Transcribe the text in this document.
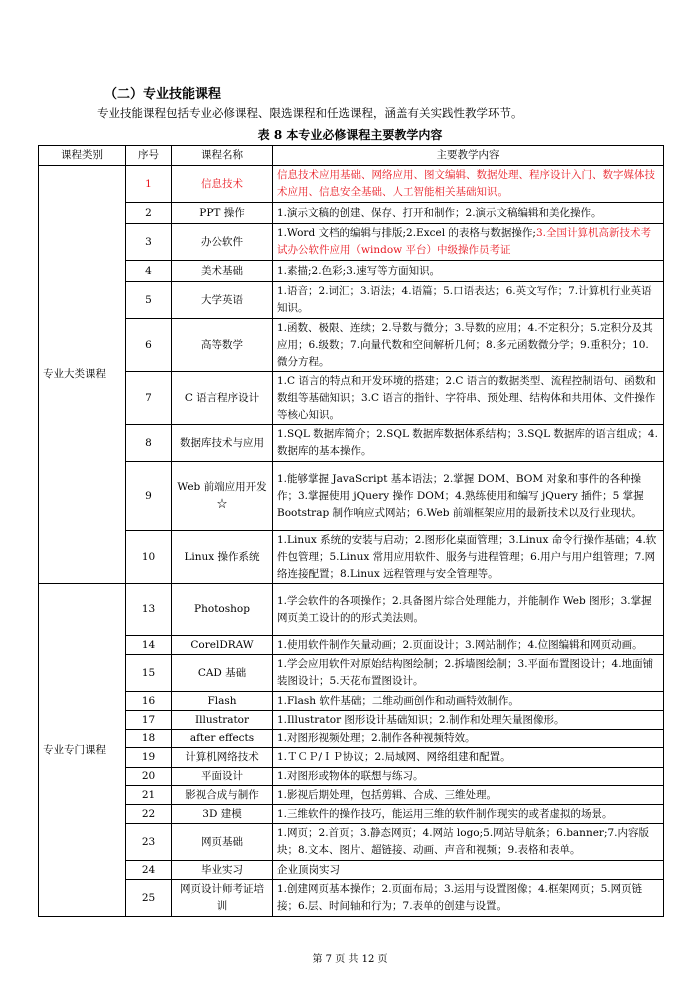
（二）专业技能课程
专业技能课程包括专业必修课程、限选课程和任选课程，涵盖有关实践性教学环节。
表 8 本专业必修课程主要教学内容
课程类别	序号	课程名称	主要教学内容
专业大类课程	1	信息技术	信息技术应用基础、网络应用、图文编辑、数据处理、程序设计入门、数字媒体技术应用、信息安全基础、人工智能相关基础知识。
	2	PPT 操作	1.演示文稿的创建、保存、打开和制作；2.演示文稿编辑和美化操作。
	3	办公软件	1.Word 文档的编辑与排版;2.Excel 的表格与数据操作;3.全国计算机高新技术考试办公软件应用（window 平台）中级操作员考证
	4	美术基础	1.素描;2.色彩;3.速写等方面知识。
	5	大学英语	1.语音；2.词汇；3.语法；4.语篇；5.口语表达；6.英文写作；7.计算机行业英语知识。
	6	高等数学	1.函数、极限、连续；2.导数与微分；3.导数的应用；4.不定积分；5.定积分及其应用；6.级数；7.向量代数和空间解析几何；8.多元函数微分学；9.重积分；10.微分方程。
	7	C 语言程序设计	1.C 语言的特点和开发环境的搭建；2.C 语言的数据类型、流程控制语句、函数和数组等基础知识；3.C 语言的指针、字符串、预处理、结构体和共用体、文件操作等核心知识。
	8	数据库技术与应用	1.SQL 数据库简介；2.SQL 数据库数据体系结构；3.SQL 数据库的语言组成；4.数据库的基本操作。
	9	Web 前端应用开发☆	1.能够掌握 JavaScript 基本语法；2.掌握 DOM、BOM 对象和事件的各种操作；3.掌握使用 jQuery 操作 DOM；4.熟练使用和编写 jQuery 插件；5 掌握 Bootstrap 制作响应式网站；6.Web 前端框架应用的最新技术以及行业现状。
	10	Linux 操作系统	1.Linux 系统的安装与启动；2.图形化桌面管理；3.Linux 命令行操作基础；4.软件包管理；5.Linux 常用应用软件、服务与进程管理；6.用户与用户组管理；7.网络连接配置；8.Linux 远程管理与安全管理等。
专业专门课程	13	Photoshop	1.学会软件的各项操作；2.具备图片综合处理能力，并能制作 Web 图形；3.掌握网页美工设计的的形式美法则。
	14	CorelDRAW	1.使用软件制作矢量动画；2.页面设计；3.网站制作；4.位图编辑和网页动画。
	15	CAD 基础	1.学会应用软件对原始结构图绘制；2.拆墙图绘制；3.平面布置图设计；4.地面铺装图设计；5.天花布置图设计。
	16	Flash	1.Flash 软件基础；二维动画创作和动画特效制作。
	17	Illustrator	1.Illustrator 图形设计基础知识；2.制作和处理矢量图像形。
	18	after effects	1.对图形视频处理；2.制作各种视频特效。
	19	计算机网络技术	1.ＴＣＰ/ＩＰ协议；2.局域网、网络组建和配置。
	20	平面设计	1.对图形或物体的联想与练习。
	21	影视合成与制作	1.影视后期处理，包括剪辑、合成、三维处理。
	22	3D 建模	1.三维软件的操作技巧，能运用三维的软件制作现实的或者虚拟的场景。
	23	网页基础	1.网页；2.首页；3.静态网页；4.网站 logo;5.网站导航条；6.banner;7.内容版块；8.文本、图片、超链接、动画、声音和视频；9.表格和表单。
	24	毕业实习	企业顶岗实习
	25	网页设计师考证培训	1.创建网页基本操作；2.页面布局；3.运用与设置图像；4.框架网页；5.网页链接；6.层、时间轴和行为；7.表单的创建与设置。
第 7 页 共 12 页
